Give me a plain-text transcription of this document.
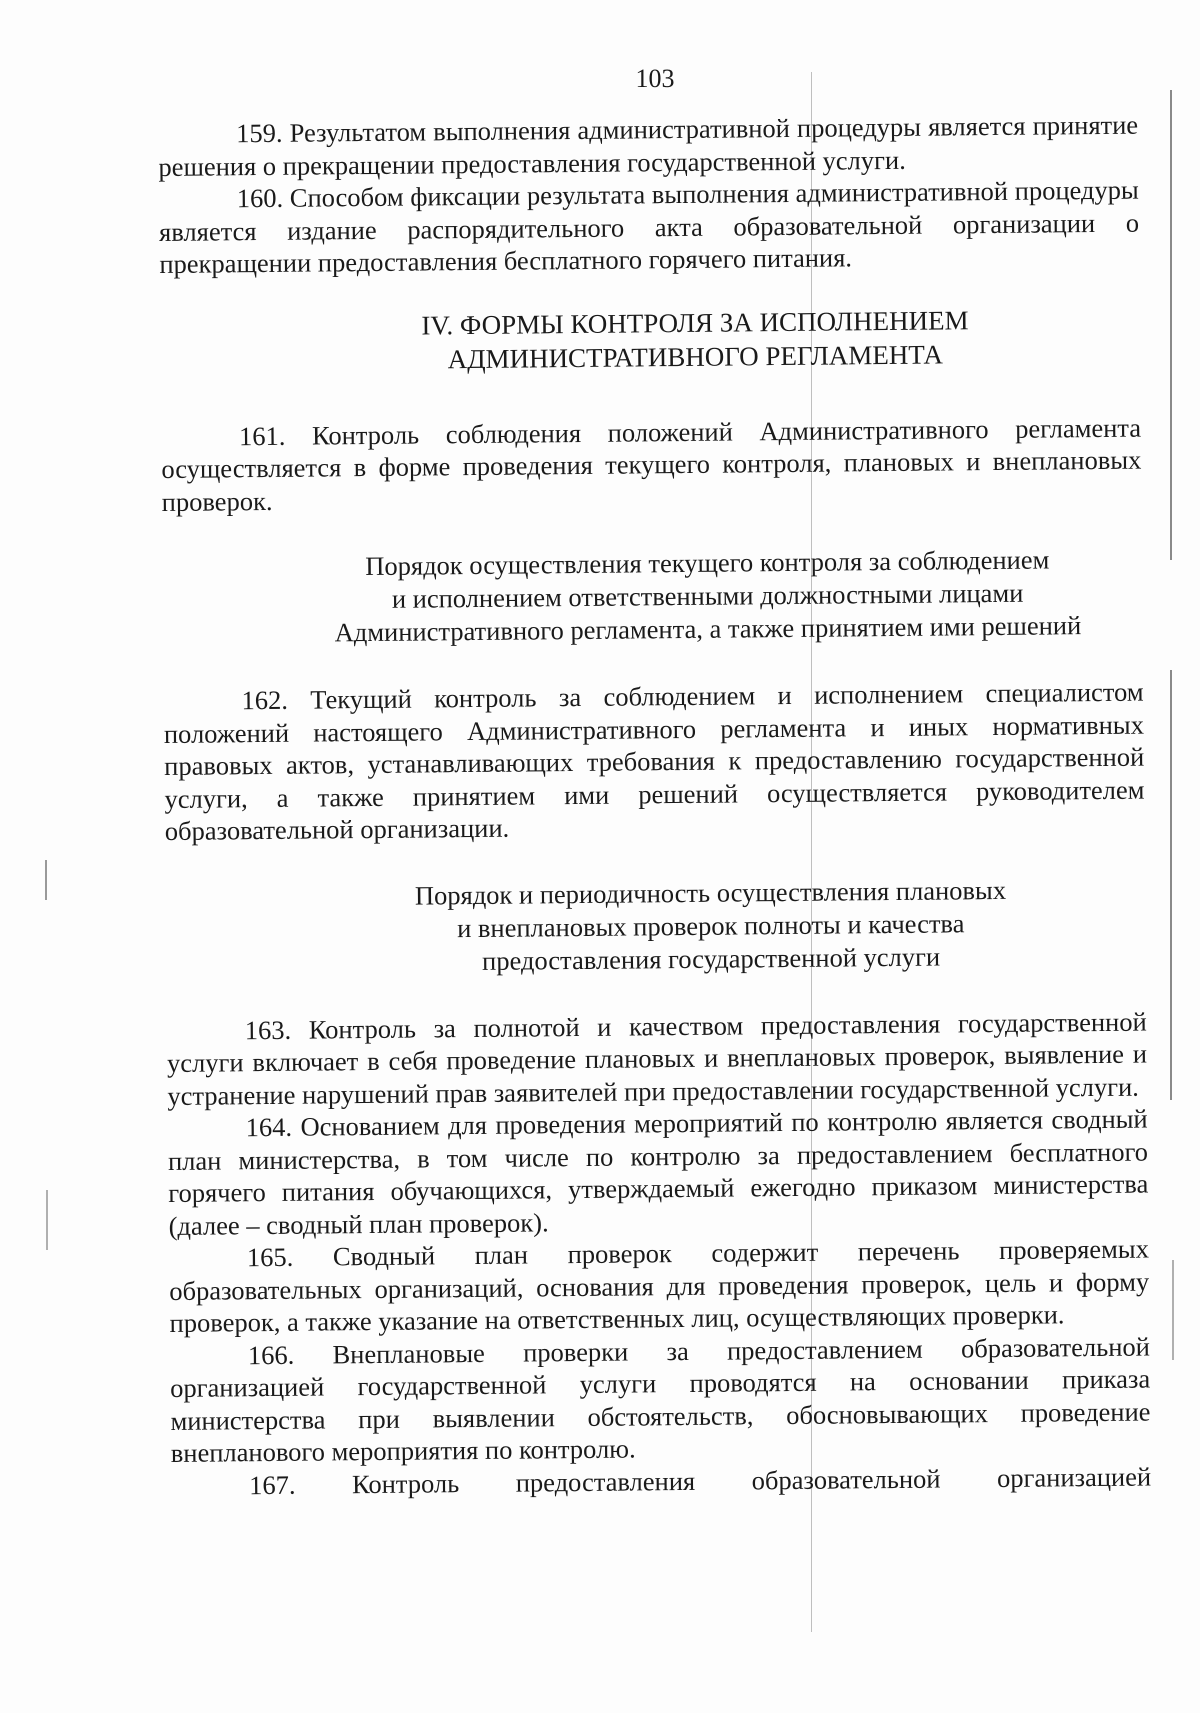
103

159. Результатом выполнения административной процедуры является принятие решения о прекращении предоставления государственной услуги.

160. Способом фиксации результата выполнения административной процедуры является издание распорядительного акта образовательной организации о прекращении предоставления бесплатного горячего питания.

IV. ФОРМЫ КОНТРОЛЯ ЗА ИСПОЛНЕНИЕМ
АДМИНИСТРАТИВНОГО РЕГЛАМЕНТА

161. Контроль соблюдения положений Административного регламента осуществляется в форме проведения текущего контроля, плановых и внеплановых проверок.

Порядок осуществления текущего контроля за соблюдением
и исполнением ответственными должностными лицами
Административного регламента, а также принятием ими решений

162. Текущий контроль за соблюдением и исполнением специалистом положений настоящего Административного регламента и иных нормативных правовых актов, устанавливающих требования к предоставлению государственной услуги, а также принятием ими решений осуществляется руководителем образовательной организации.

Порядок и периодичность осуществления плановых
и внеплановых проверок полноты и качества
предоставления государственной услуги

163. Контроль за полнотой и качеством предоставления государственной услуги включает в себя проведение плановых и внеплановых проверок, выявление и устранение нарушений прав заявителей при предоставлении государственной услуги.

164. Основанием для проведения мероприятий по контролю является сводный план министерства, в том числе по контролю за предоставлением бесплатного горячего питания обучающихся, утверждаемый ежегодно приказом министерства (далее – сводный план проверок).

165. Сводный план проверок содержит перечень проверяемых образовательных организаций, основания для проведения проверок, цель и форму проверок, а также указание на ответственных лиц, осуществляющих проверки.

166. Внеплановые проверки за предоставлением образовательной организацией государственной услуги проводятся на основании приказа министерства при выявлении обстоятельств, обосновывающих проведение внепланового мероприятия по контролю.

167. Контроль предоставления образовательной организацией
